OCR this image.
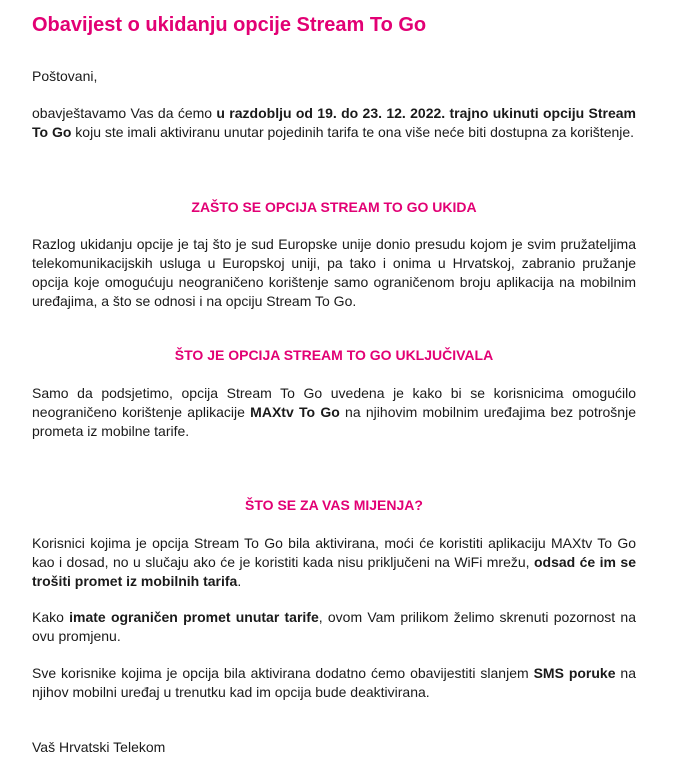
Obavijest o ukidanju opcije Stream To Go

Poštovani,

obavještavamo Vas da ćemo u razdoblju od 19. do 23. 12. 2022. trajno ukinuti opciju Stream To Go koju ste imali aktiviranu unutar pojedinih tarifa te ona više neće biti dostupna za korištenje.

ZAŠTO SE OPCIJA STREAM TO GO UKIDA

Razlog ukidanju opcije je taj što je sud Europske unije donio presudu kojom je svim pružateljima telekomunikacijskih usluga u Europskoj uniji, pa tako i onima u Hrvatskoj, zabranio pružanje opcija koje omogućuju neograničeno korištenje samo ograničenom broju aplikacija na mobilnim uređajima, a što se odnosi i na opciju Stream To Go.

ŠTO JE OPCIJA STREAM TO GO UKLJUČIVALA

Samo da podsjetimo, opcija Stream To Go uvedena je kako bi se korisnicima omogućilo neograničeno korištenje aplikacije MAXtv To Go na njihovim mobilnim uređajima bez potrošnje prometa iz mobilne tarife.

ŠTO SE ZA VAS MIJENJA?

Korisnici kojima je opcija Stream To Go bila aktivirana, moći će koristiti aplikaciju MAXtv To Go kao i dosad, no u slučaju ako će je koristiti kada nisu priključeni na WiFi mrežu, odsad će im se trošiti promet iz mobilnih tarifa.

Kako imate ograničen promet unutar tarife, ovom Vam prilikom želimo skrenuti pozornost na ovu promjenu.

Sve korisnike kojima je opcija bila aktivirana dodatno ćemo obavijestiti slanjem SMS poruke na njihov mobilni uređaj u trenutku kad im opcija bude deaktivirana.

Vaš Hrvatski Telekom
